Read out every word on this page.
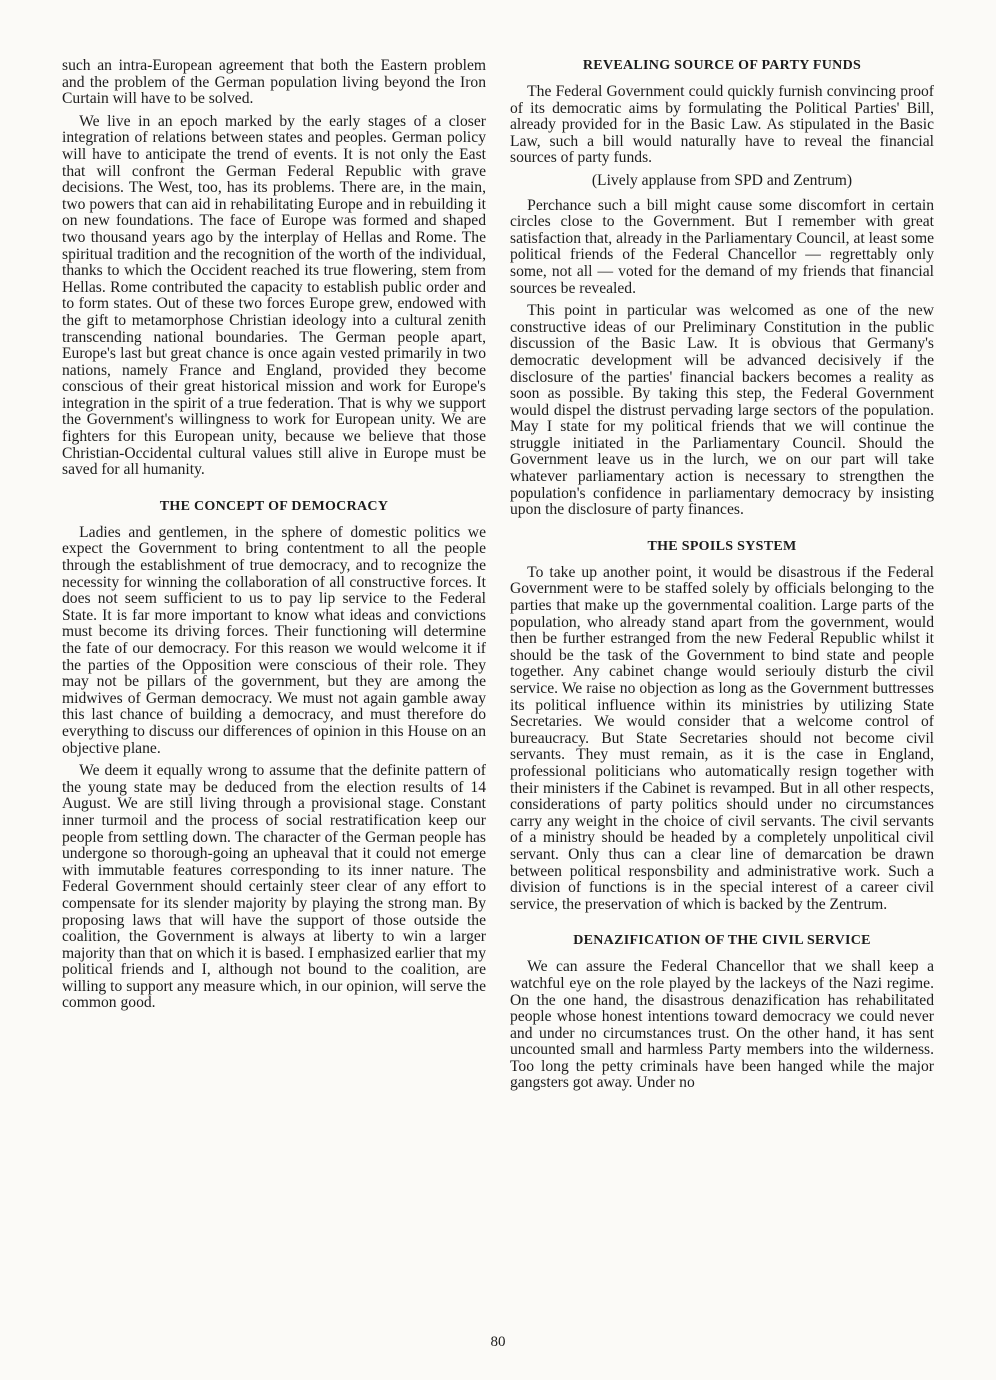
such an intra-European agreement that both the Eastern problem and the problem of the German population living beyond the Iron Curtain will have to be solved.

We live in an epoch marked by the early stages of a closer integration of relations between states and peoples. German policy will have to anticipate the trend of events. It is not only the East that will confront the German Federal Republic with grave decisions. The West, too, has its problems. There are, in the main, two powers that can aid in rehabilitating Europe and in rebuilding it on new foundations. The face of Europe was formed and shaped two thousand years ago by the interplay of Hellas and Rome. The spiritual tradition and the recognition of the worth of the individual, thanks to which the Occident reached its true flowering, stem from Hellas. Rome contributed the capacity to establish public order and to form states. Out of these two forces Europe grew, endowed with the gift to metamorphose Christian ideology into a cultural zenith transcending national boundaries. The German people apart, Europe's last but great chance is once again vested primarily in two nations, namely France and England, provided they become conscious of their great historical mission and work for Europe's integration in the spirit of a true federation. That is why we support the Government's willingness to work for European unity. We are fighters for this European unity, because we believe that those Christian-Occidental cultural values still alive in Europe must be saved for all humanity.

THE CONCEPT OF DEMOCRACY

Ladies and gentlemen, in the sphere of domestic politics we expect the Government to bring contentment to all the people through the establishment of true democracy, and to recognize the necessity for winning the collaboration of all constructive forces. It does not seem sufficient to us to pay lip service to the Federal State. It is far more important to know what ideas and convictions must become its driving forces. Their functioning will determine the fate of our democracy. For this reason we would welcome it if the parties of the Opposition were conscious of their role. They may not be pillars of the government, but they are among the midwives of German democracy. We must not again gamble away this last chance of building a democracy, and must therefore do everything to discuss our differences of opinion in this House on an objective plane.

We deem it equally wrong to assume that the definite pattern of the young state may be deduced from the election results of 14 August. We are still living through a provisional stage. Constant inner turmoil and the process of social restratification keep our people from settling down. The character of the German people has undergone so thorough-going an upheaval that it could not emerge with immutable features corresponding to its inner nature. The Federal Government should certainly steer clear of any effort to compensate for its slender majority by playing the strong man. By proposing laws that will have the support of those outside the coalition, the Government is always at liberty to win a larger majority than that on which it is based. I emphasized earlier that my political friends and I, although not bound to the coalition, are willing to support any measure which, in our opinion, will serve the common good.

REVEALING SOURCE OF PARTY FUNDS

The Federal Government could quickly furnish convincing proof of its democratic aims by formulating the Political Parties' Bill, already provided for in the Basic Law. As stipulated in the Basic Law, such a bill would naturally have to reveal the financial sources of party funds.

(Lively applause from SPD and Zentrum)

Perchance such a bill might cause some discomfort in certain circles close to the Government. But I remember with great satisfaction that, already in the Parliamentary Council, at least some political friends of the Federal Chancellor — regrettably only some, not all — voted for the demand of my friends that financial sources be revealed.

This point in particular was welcomed as one of the new constructive ideas of our Preliminary Constitution in the public discussion of the Basic Law. It is obvious that Germany's democratic development will be advanced decisively if the disclosure of the parties' financial backers becomes a reality as soon as possible. By taking this step, the Federal Government would dispel the distrust pervading large sectors of the population. May I state for my political friends that we will continue the struggle initiated in the Parliamentary Council. Should the Government leave us in the lurch, we on our part will take whatever parliamentary action is necessary to strengthen the population's confidence in parliamentary democracy by insisting upon the disclosure of party finances.

THE SPOILS SYSTEM

To take up another point, it would be disastrous if the Federal Government were to be staffed solely by officials belonging to the parties that make up the governmental coalition. Large parts of the population, who already stand apart from the government, would then be further estranged from the new Federal Republic whilst it should be the task of the Government to bind state and people together. Any cabinet change would seriouly disturb the civil service. We raise no objection as long as the Government buttresses its political influence within its ministries by utilizing State Secretaries. We would consider that a welcome control of bureaucracy. But State Secretaries should not become civil servants. They must remain, as it is the case in England, professional politicians who automatically resign together with their ministers if the Cabinet is revamped. But in all other respects, considerations of party politics should under no circumstances carry any weight in the choice of civil servants. The civil servants of a ministry should be headed by a completely unpolitical civil servant. Only thus can a clear line of demarcation be drawn between political responsbility and administrative work. Such a division of functions is in the special interest of a career civil service, the preservation of which is backed by the Zentrum.

DENAZIFICATION OF THE CIVIL SERVICE

We can assure the Federal Chancellor that we shall keep a watchful eye on the role played by the lackeys of the Nazi regime. On the one hand, the disastrous denazification has rehabilitated people whose honest intentions toward democracy we could never and under no circumstances trust. On the other hand, it has sent uncounted small and harmless Party members into the wilderness. Too long the petty criminals have been hanged while the major gangsters got away. Under no

80
